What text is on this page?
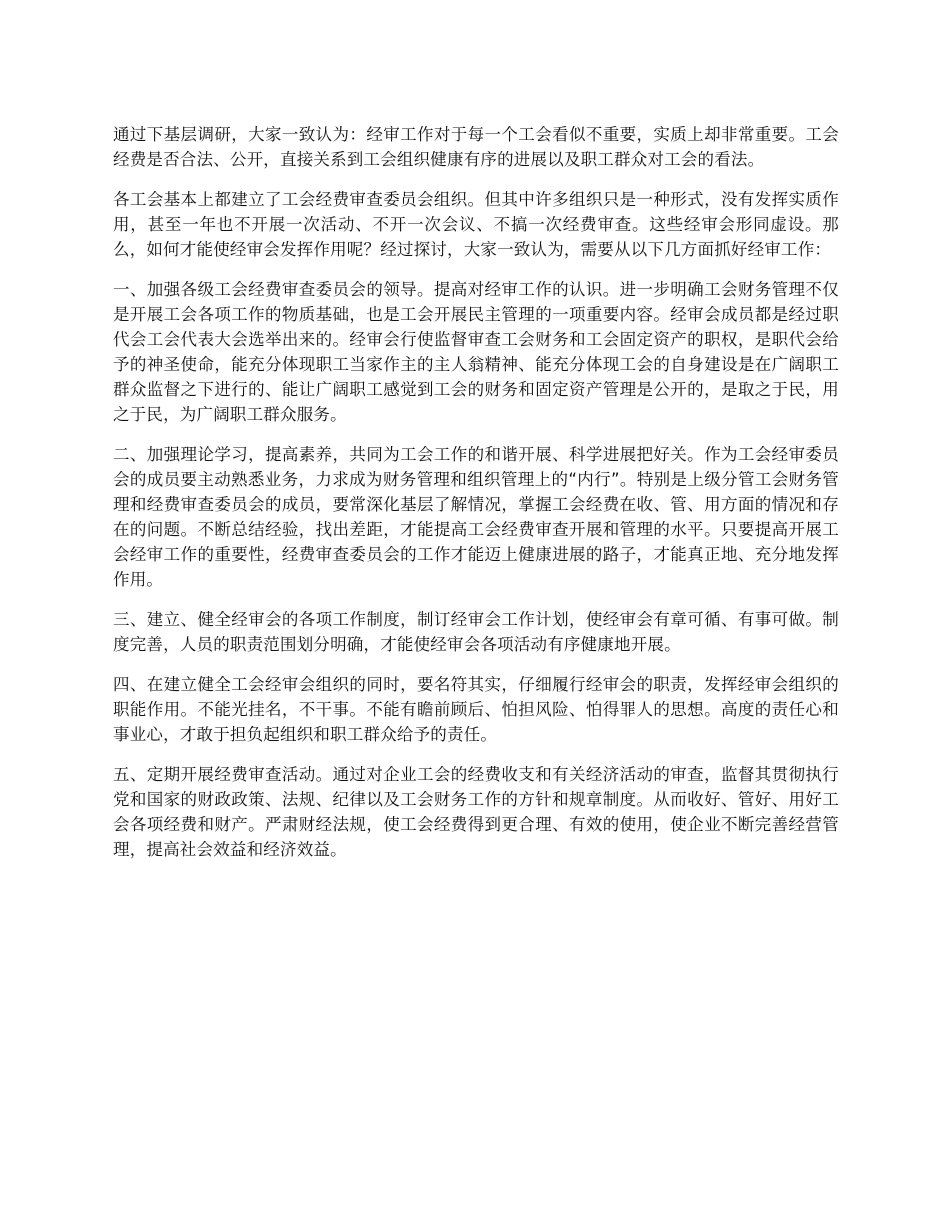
通过下基层调研，大家一致认为：经审工作对于每一个工会看似不重要，实质上却非常重要。工会经费是否合法、公开，直接关系到工会组织健康有序的进展以及职工群众对工会的看法。

各工会基本上都建立了工会经费审查委员会组织。但其中许多组织只是一种形式，没有发挥实质作用，甚至一年也不开展一次活动、不开一次会议、不搞一次经费审查。这些经审会形同虚设。那么，如何才能使经审会发挥作用呢？经过探讨，大家一致认为，需要从以下几方面抓好经审工作：

一、加强各级工会经费审查委员会的领导。提高对经审工作的认识。进一步明确工会财务管理不仅是开展工会各项工作的物质基础，也是工会开展民主管理的一项重要内容。经审会成员都是经过职代会工会代表大会选举出来的。经审会行使监督审查工会财务和工会固定资产的职权，是职代会给予的神圣使命，能充分体现职工当家作主的主人翁精神、能充分体现工会的自身建设是在广阔职工群众监督之下进行的、能让广阔职工感觉到工会的财务和固定资产管理是公开的，是取之于民，用之于民，为广阔职工群众服务。

二、加强理论学习，提高素养，共同为工会工作的和谐开展、科学进展把好关。作为工会经审委员会的成员要主动熟悉业务，力求成为财务管理和组织管理上的“内行”。特别是上级分管工会财务管理和经费审查委员会的成员，要常深化基层了解情况，掌握工会经费在收、管、用方面的情况和存在的问题。不断总结经验，找出差距，才能提高工会经费审查开展和管理的水平。只要提高开展工会经审工作的重要性，经费审查委员会的工作才能迈上健康进展的路子，才能真正地、充分地发挥作用。

三、建立、健全经审会的各项工作制度，制订经审会工作计划，使经审会有章可循、有事可做。制度完善，人员的职责范围划分明确，才能使经审会各项活动有序健康地开展。

四、在建立健全工会经审会组织的同时，要名符其实，仔细履行经审会的职责，发挥经审会组织的职能作用。不能光挂名，不干事。不能有瞻前顾后、怕担风险、怕得罪人的思想。高度的责任心和事业心，才敢于担负起组织和职工群众给予的责任。

五、定期开展经费审查活动。通过对企业工会的经费收支和有关经济活动的审查，监督其贯彻执行党和国家的财政政策、法规、纪律以及工会财务工作的方针和规章制度。从而收好、管好、用好工会各项经费和财产。严肃财经法规，使工会经费得到更合理、有效的使用，使企业不断完善经营管理，提高社会效益和经济效益。
